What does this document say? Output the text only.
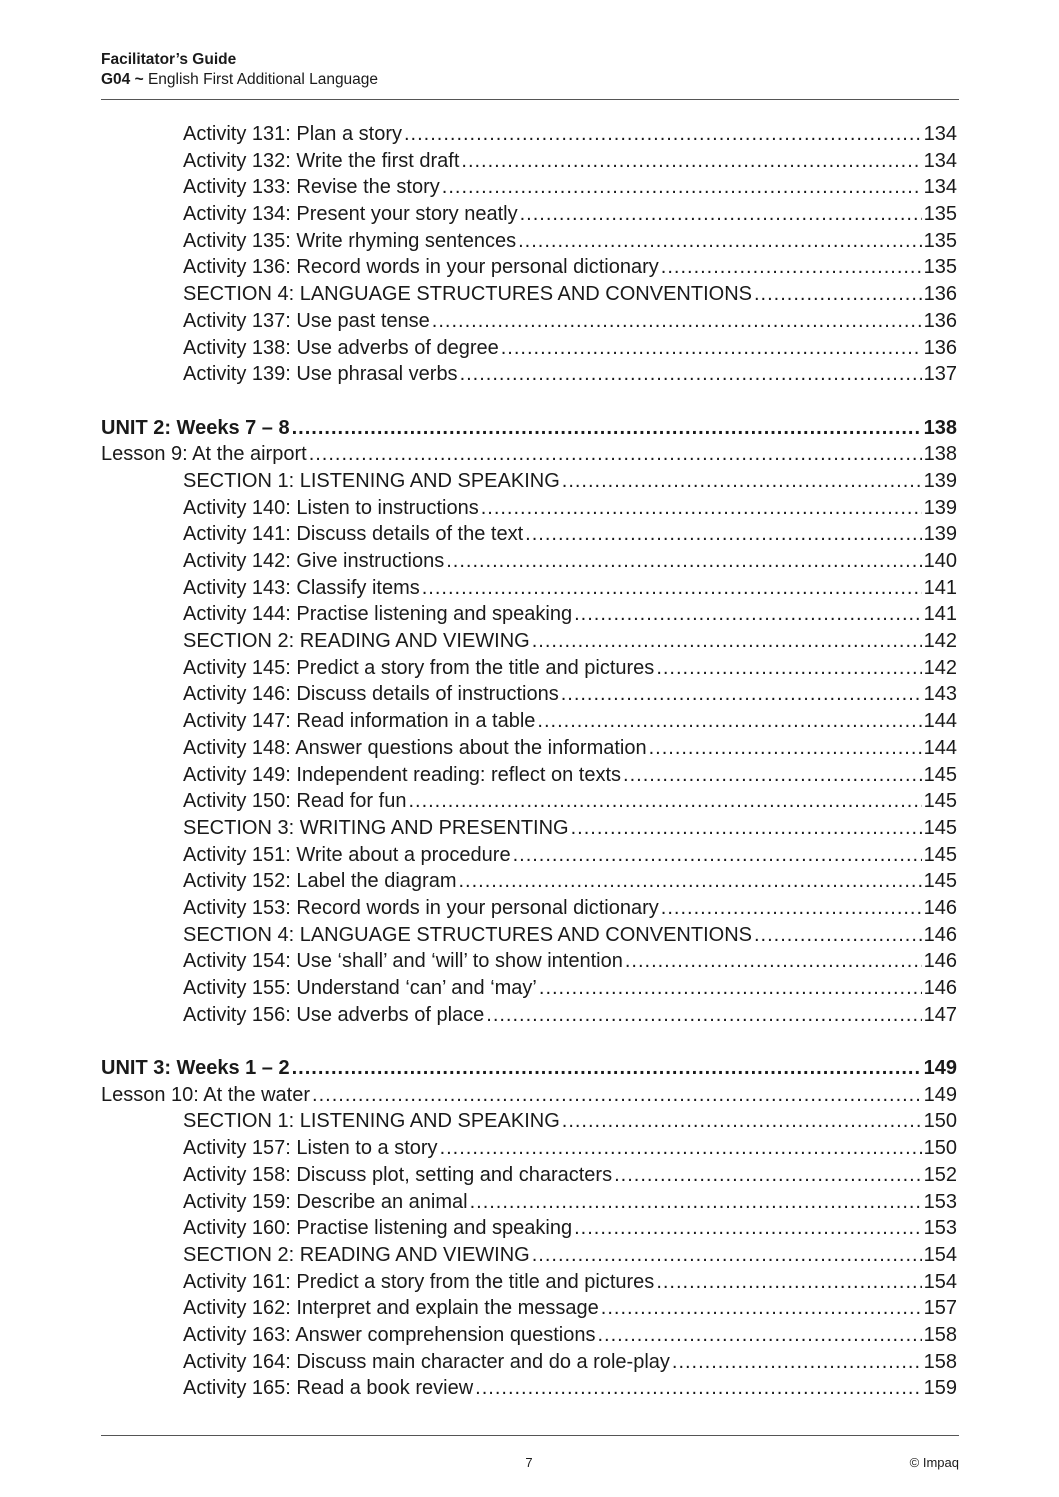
Facilitator’s Guide
G04 ~ English First Additional Language
Activity 131: Plan a story .....	134
Activity 132: Write the first draft .....	134
Activity 133: Revise the story .....	134
Activity 134: Present your story neatly .....	135
Activity 135: Write rhyming sentences .....	135
Activity 136: Record words in your personal dictionary .....	135
SECTION 4: LANGUAGE STRUCTURES AND CONVENTIONS .....	136
Activity 137: Use past tense .....	136
Activity 138: Use adverbs of degree .....	136
Activity 139: Use phrasal verbs .....	137
UNIT 2: Weeks 7 – 8 .....	138
Lesson 9: At the airport .....	138
SECTION 1: LISTENING AND SPEAKING .....	139
Activity 140: Listen to instructions .....	139
Activity 141: Discuss details of the text .....	139
Activity 142: Give instructions .....	140
Activity 143: Classify items .....	141
Activity 144: Practise listening and speaking .....	141
SECTION 2: READING AND VIEWING .....	142
Activity 145: Predict a story from the title and pictures .....	142
Activity 146: Discuss details of instructions .....	143
Activity 147: Read information in a table .....	144
Activity 148: Answer questions about the information .....	144
Activity 149: Independent reading: reflect on texts .....	145
Activity 150: Read for fun .....	145
SECTION 3: WRITING AND PRESENTING .....	145
Activity 151: Write about a procedure .....	145
Activity 152: Label the diagram .....	145
Activity 153: Record words in your personal dictionary .....	146
SECTION 4: LANGUAGE STRUCTURES AND CONVENTIONS .....	146
Activity 154: Use ‘shall’ and ‘will’ to show intention .....	146
Activity 155: Understand ‘can’ and ‘may’ .....	146
Activity 156: Use adverbs of place .....	147
UNIT 3: Weeks 1 – 2 .....	149
Lesson 10: At the water .....	149
SECTION 1: LISTENING AND SPEAKING .....	150
Activity 157: Listen to a story .....	150
Activity 158: Discuss plot, setting and characters .....	152
Activity 159: Describe an animal .....	153
Activity 160: Practise listening and speaking .....	153
SECTION 2: READING AND VIEWING .....	154
Activity 161: Predict a story from the title and pictures .....	154
Activity 162: Interpret and explain the message .....	157
Activity 163: Answer comprehension questions .....	158
Activity 164: Discuss main character and do a role-play .....	158
Activity 165: Read a book review .....	159
7	© Impaq
